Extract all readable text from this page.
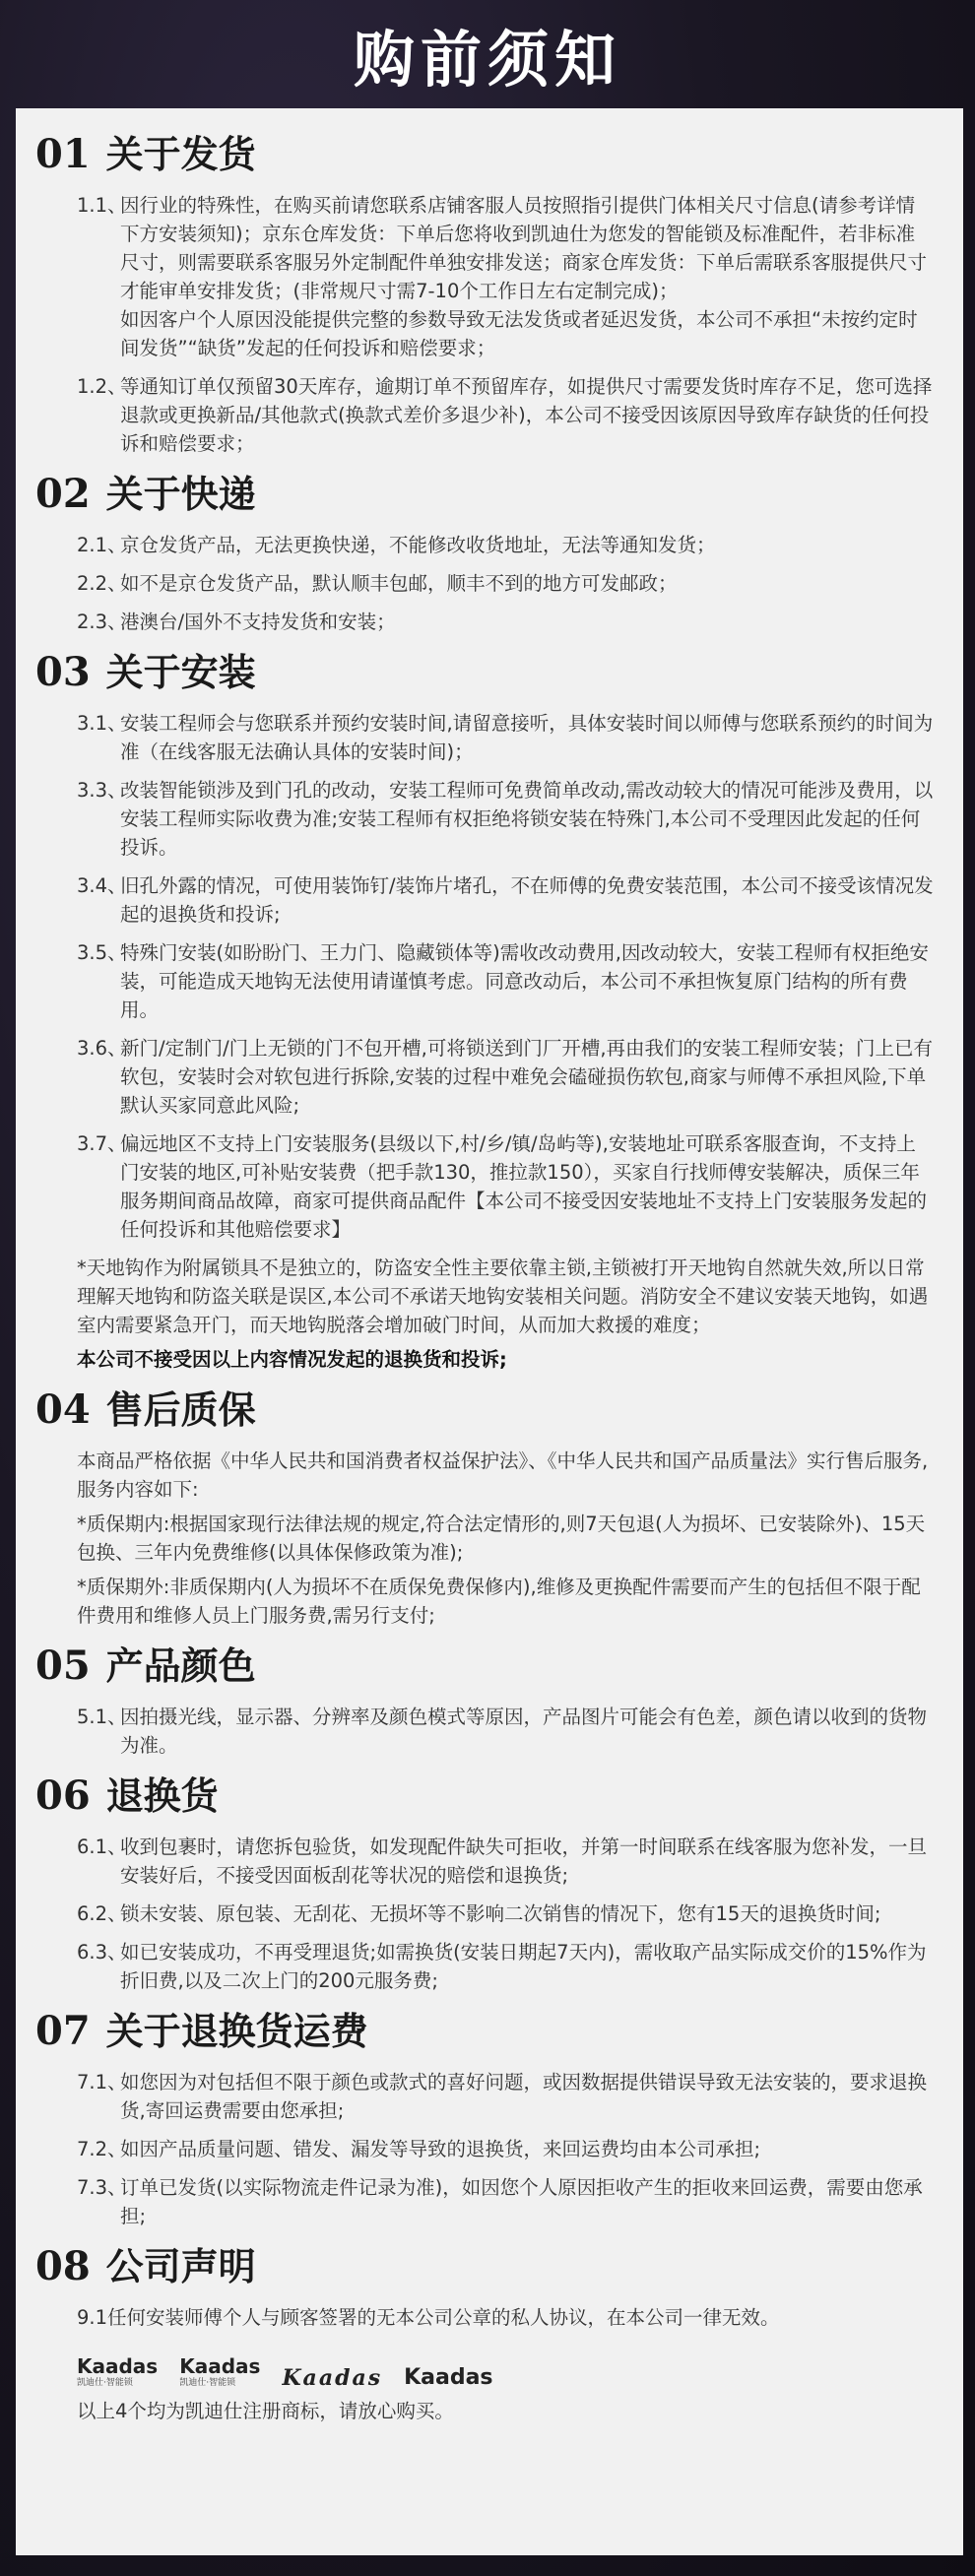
购前须知
01 关于发货
1.1、
因行业的特殊性，在购买前请您联系店铺客服人员按照指引提供门体相关尺寸信息(请参考详情下方安装须知)；京东仓库发货：下单后您将收到凯迪仕为您发的智能锁及标准配件，若非标准尺寸，则需要联系客服另外定制配件单独安排发送；商家仓库发货：下单后需联系客服提供尺寸才能审单安排发货；(非常规尺寸需7-10个工作日左右定制完成)；
如因客户个人原因没能提供完整的参数导致无法发货或者延迟发货，本公司不承担“未按约定时间发货”“缺货”发起的任何投诉和赔偿要求；
1.2、
等通知订单仅预留30天库存，逾期订单不预留库存，如提供尺寸需要发货时库存不足，您可选择退款或更换新品/其他款式(换款式差价多退少补)，本公司不接受因该原因导致库存缺货的任何投诉和赔偿要求；
02 关于快递
2.1、
京仓发货产品，无法更换快递，不能修改收货地址，无法等通知发货；
2.2、
如不是京仓发货产品，默认顺丰包邮，顺丰不到的地方可发邮政；
2.3、
港澳台/国外不支持发货和安装；
03 关于安装
3.1、
安装工程师会与您联系并预约安装时间,请留意接听，具体安装时间以师傅与您联系预约的时间为准（在线客服无法确认具体的安装时间)；
3.3、
改装智能锁涉及到门孔的改动，安装工程师可免费简单改动,需改动较大的情况可能涉及费用，以安装工程师实际收费为准;安装工程师有权拒绝将锁安装在特殊门,本公司不受理因此发起的任何投诉。
3.4、
旧孔外露的情况，可使用装饰钉/装饰片堵孔，不在师傅的免费安装范围，本公司不接受该情况发起的退换货和投诉;
3.5、
特殊门安装(如盼盼门、王力门、隐藏锁体等)需收改动费用,因改动较大，安装工程师有权拒绝安装，可能造成天地钩无法使用请谨慎考虑。同意改动后，本公司不承担恢复原门结构的所有费用。
3.6、
新门/定制门/门上无锁的门不包开槽,可将锁送到门厂开槽,再由我们的安装工程师安装；门上已有软包，安装时会对软包进行拆除,安装的过程中难免会磕碰损伤软包,商家与师傅不承担风险,下单默认买家同意此风险;
3.7、
偏远地区不支持上门安装服务(县级以下,村/乡/镇/岛屿等),安装地址可联系客服查询，不支持上门安装的地区,可补贴安装费（把手款130，推拉款150），买家自行找师傅安装解决，质保三年服务期间商品故障，商家可提供商品配件【本公司不接受因安装地址不支持上门安装服务发起的任何投诉和其他赔偿要求】

*天地钩作为附属锁具不是独立的，防盗安全性主要依靠主锁,主锁被打开天地钩自然就失效,所以日常理解天地钩和防盗关联是误区,本公司不承诺天地钩安装相关问题。消防安全不建议安装天地钩，如遇室内需要紧急开门，而天地钩脱落会增加破门时间，从而加大救援的难度；

本公司不接受因以上内容情况发起的退换货和投诉;

04 售后质保

本商品严格依据《中华人民共和国消费者权益保护法》、《中华人民共和国产品质量法》实行售后服务,服务内容如下:

*质保期内:根据国家现行法律法规的规定,符合法定情形的,则7天包退(人为损坏、已安装除外)、15天包换、三年内免费维修(以具体保修政策为准);

*质保期外:非质保期内(人为损坏不在质保免费保修内),维修及更换配件需要而产生的包括但不限于配件费用和维修人员上门服务费,需另行支付;

05 产品颜色
5.1、
因拍摄光线，显示器、分辨率及颜色模式等原因，产品图片可能会有色差，颜色请以收到的货物为准。
06 退换货
6.1、
收到包裹时，请您拆包验货，如发现配件缺失可拒收，并第一时间联系在线客服为您补发，一旦安装好后，不接受因面板刮花等状况的赔偿和退换货;
6.2、
锁未安装、原包装、无刮花、无损坏等不影响二次销售的情况下，您有15天的退换货时间;
6.3、
如已安装成功，不再受理退货;如需换货(安装日期起7天内)，需收取产品实际成交价的15%作为折旧费,以及二次上门的200元服务费;
07 关于退换货运费
7.1、
如您因为对包括但不限于颜色或款式的喜好问题，或因数据提供错误导致无法安装的，要求退换货,寄回运费需要由您承担;
7.2、
如因产品质量问题、错发、漏发等导致的退换货，来回运费均由本公司承担;
7.3、
订单已发货(以实际物流走件记录为准)，如因您个人原因拒收产生的拒收来回运费，需要由您承担;
08 公司声明

9.1任何安装师傅个人与顾客签署的无本公司公章的私人协议，在本公司一律无效。

Kaadas
凯迪仕·智能锁
Kaadas
凯迪仕·智能锁	Kaadas Kaadas

以上4个均为凯迪仕注册商标，请放心购买。
